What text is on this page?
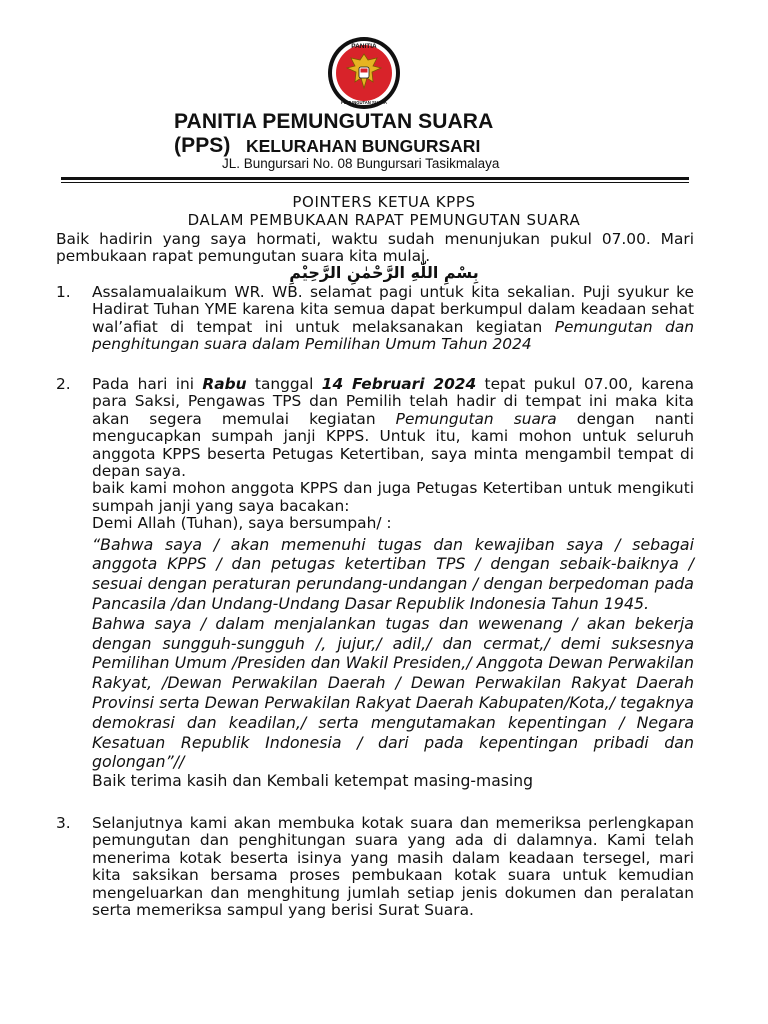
PANITIA
PEMUNGUTAN SUARA
PANITIA PEMUNGUTAN SUARA (PPS) KELURAHAN BUNGURSARI
JL. Bungursari No. 08 Bungursari Tasikmalaya
POINTERS KETUA KPPS
DALAM PEMBUKAAN RAPAT PEMUNGUTAN SUARA
Baik hadirin yang saya hormati, waktu sudah menunjukan pukul 07.00. Mari pembukaan rapat pemungutan suara kita mulai.
بِسْمِ اللّٰهِ الرَّحْمٰنِ الرَّحِيْمِ
1. Assalamualaikum WR. WB. selamat pagi untuk kita sekalian. Puji syukur ke Hadirat Tuhan YME karena kita semua dapat berkumpul dalam keadaan sehat wal’afiat di tempat ini untuk melaksanakan kegiatan Pemungutan dan penghitungan suara dalam Pemilihan Umum Tahun 2024
2. Pada hari ini Rabu tanggal 14 Februari 2024 tepat pukul 07.00, karena para Saksi, Pengawas TPS dan Pemilih telah hadir di tempat ini maka kita akan segera memulai kegiatan Pemungutan suara dengan nanti mengucapkan sumpah janji KPPS. Untuk itu, kami mohon untuk seluruh anggota KPPS beserta Petugas Ketertiban, saya minta mengambil tempat di depan saya.

baik kami mohon anggota KPPS dan juga Petugas Ketertiban untuk mengikuti sumpah janji yang saya bacakan:

Demi Allah (Tuhan), saya bersumpah/ :

“Bahwa saya / akan memenuhi tugas dan kewajiban saya / sebagai anggota KPPS / dan petugas ketertiban TPS / dengan sebaik-baiknya / sesuai dengan peraturan perundang-undangan / dengan berpedoman pada Pancasila /dan Undang-Undang Dasar Republik Indonesia Tahun 1945.

Bahwa saya / dalam menjalankan tugas dan wewenang / akan bekerja dengan sungguh-sungguh /, jujur,/ adil,/ dan cermat,/ demi suksesnya Pemilihan Umum /Presiden dan Wakil Presiden,/ Anggota Dewan Perwakilan Rakyat, /Dewan Perwakilan Daerah / Dewan Perwakilan Rakyat Daerah Provinsi serta Dewan Perwakilan Rakyat Daerah Kabupaten/Kota,/ tegaknya demokrasi dan keadilan,/ serta mengutamakan kepentingan / Negara Kesatuan Republik Indonesia / dari pada kepentingan pribadi dan golongan”//

Baik terima kasih dan Kembali ketempat masing-masing

3. Selanjutnya kami akan membuka kotak suara dan memeriksa perlengkapan pemungutan dan penghitungan suara yang ada di dalamnya. Kami telah menerima kotak beserta isinya yang masih dalam keadaan tersegel, mari kita saksikan bersama proses pembukaan kotak suara untuk kemudian mengeluarkan dan menghitung jumlah setiap jenis dokumen dan peralatan serta memeriksa sampul yang berisi Surat Suara.
